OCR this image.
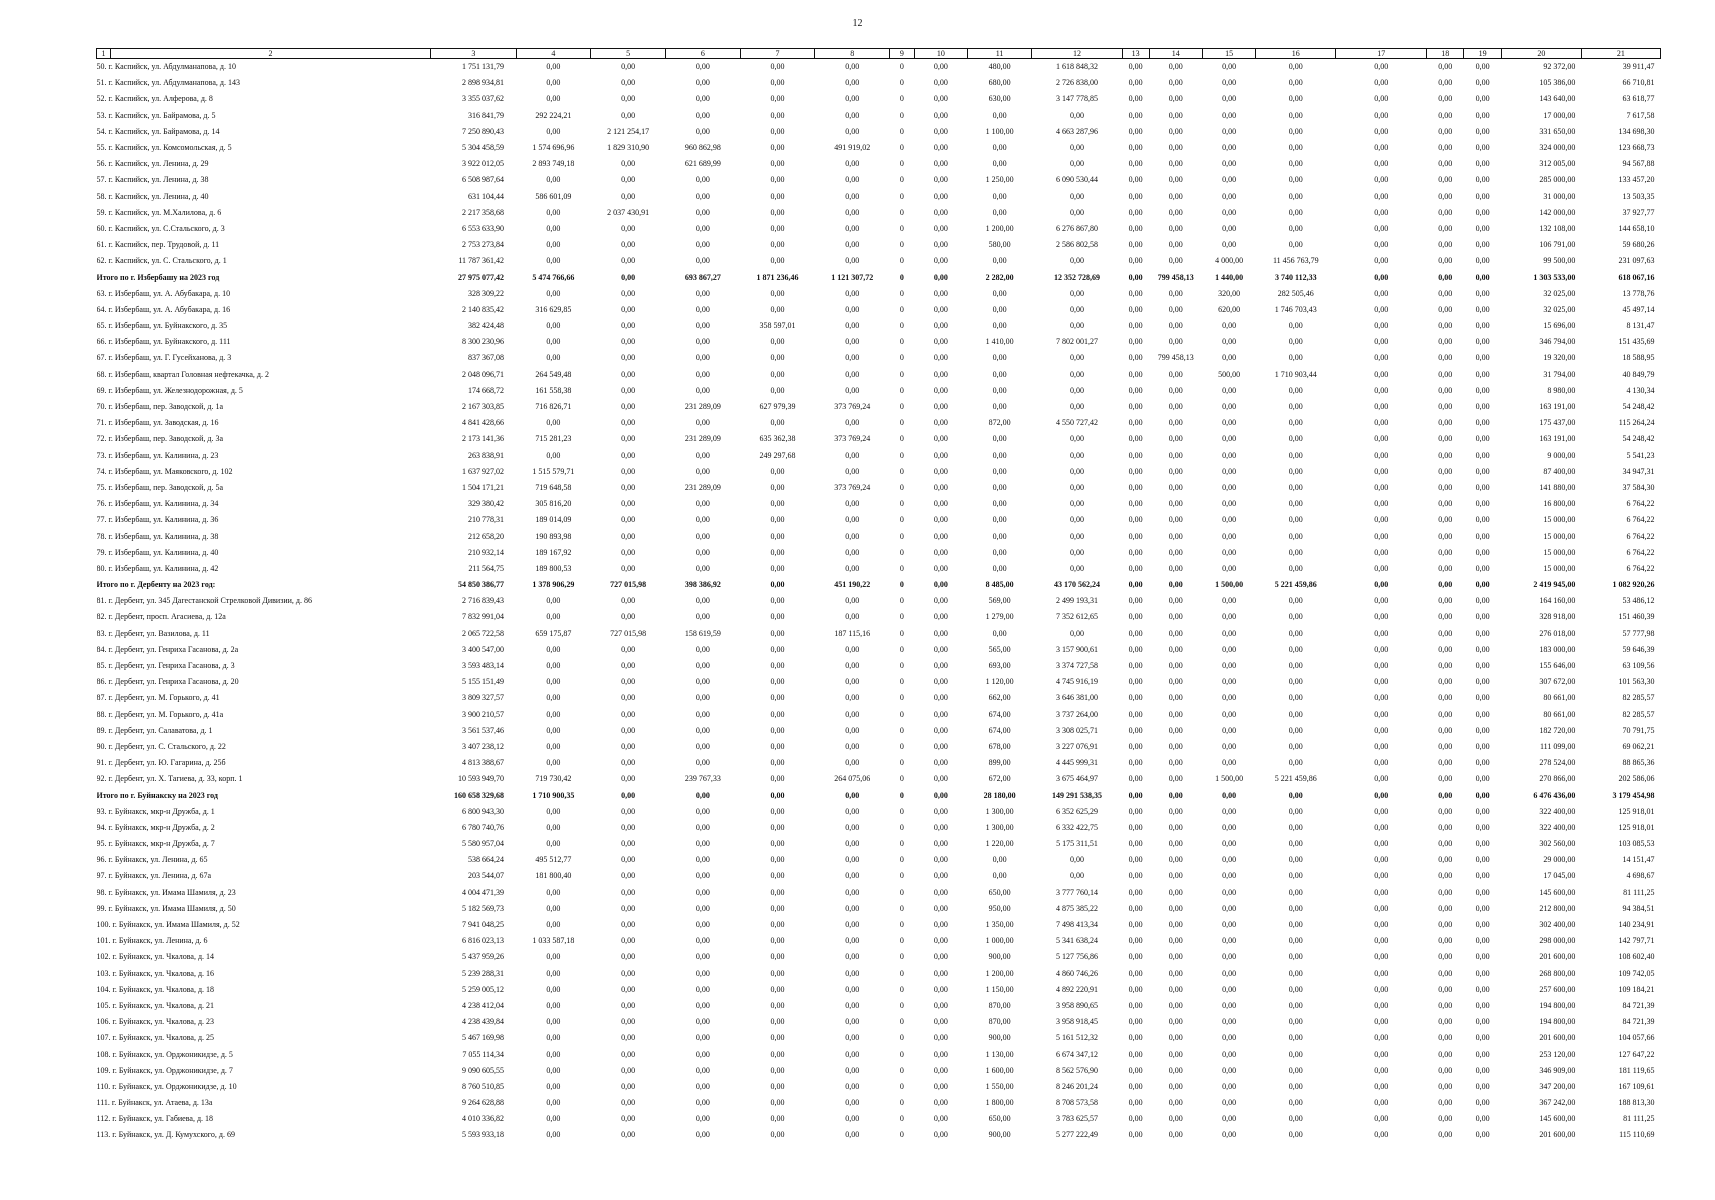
12
1	2	3	4	5	6	7	8	9	10	11	12	13	14	15	16	17	18	19	20	21
50. г. Каспийск, ул. Абдулманапова, д. 10		1 751 131,79	0,00	0,00	0,00	0,00	0,00	0	0,00	480,00	1 618 848,32	0,00	0,00	0,00	0,00	0,00	0,00	0,00	92 372,00	39 911,47
51. г. Каспийск, ул. Абдулманапова, д. 143		2 898 934,81	0,00	0,00	0,00	0,00	0,00	0	0,00	680,00	2 726 838,00	0,00	0,00	0,00	0,00	0,00	0,00	0,00	105 386,00	66 710,81
52. г. Каспийск, ул. Алферова, д. 8		3 355 037,62	0,00	0,00	0,00	0,00	0,00	0	0,00	630,00	3 147 778,85	0,00	0,00	0,00	0,00	0,00	0,00	0,00	143 640,00	63 618,77
53. г. Каспийск, ул. Байрамова, д. 5		316 841,79	292 224,21	0,00	0,00	0,00	0,00	0	0,00	0,00	0,00	0,00	0,00	0,00	0,00	0,00	0,00	0,00	17 000,00	7 617,58
54. г. Каспийск, ул. Байрамова, д. 14		7 250 890,43	0,00	2 121 254,17	0,00	0,00	0,00	0	0,00	1 100,00	4 663 287,96	0,00	0,00	0,00	0,00	0,00	0,00	0,00	331 650,00	134 698,30
55. г. Каспийск, ул. Комсомольская, д. 5		5 304 458,59	1 574 696,96	1 829 310,90	960 862,98	0,00	491 919,02	0	0,00	0,00	0,00	0,00	0,00	0,00	0,00	0,00	0,00	0,00	324 000,00	123 668,73
56. г. Каспийск, ул. Ленина, д. 29		3 922 012,05	2 893 749,18	0,00	621 689,99	0,00	0,00	0	0,00	0,00	0,00	0,00	0,00	0,00	0,00	0,00	0,00	0,00	312 005,00	94 567,88
57. г. Каспийск, ул. Ленина, д. 38		6 508 987,64	0,00	0,00	0,00	0,00	0,00	0	0,00	1 250,00	6 090 530,44	0,00	0,00	0,00	0,00	0,00	0,00	0,00	285 000,00	133 457,20
58. г. Каспийск, ул. Ленина, д. 40		631 104,44	586 601,09	0,00	0,00	0,00	0,00	0	0,00	0,00	0,00	0,00	0,00	0,00	0,00	0,00	0,00	0,00	31 000,00	13 503,35
59. г. Каспийск, ул. М.Халилова, д. 6		2 217 358,68	0,00	2 037 430,91	0,00	0,00	0,00	0	0,00	0,00	0,00	0,00	0,00	0,00	0,00	0,00	0,00	0,00	142 000,00	37 927,77
60. г. Каспийск, ул. С.Стальского, д. 3		6 553 633,90	0,00	0,00	0,00	0,00	0,00	0	0,00	1 200,00	6 276 867,80	0,00	0,00	0,00	0,00	0,00	0,00	0,00	132 108,00	144 658,10
61. г. Каспийск, пер. Трудовой, д. 11		2 753 273,84	0,00	0,00	0,00	0,00	0,00	0	0,00	580,00	2 586 802,58	0,00	0,00	0,00	0,00	0,00	0,00	0,00	106 791,00	59 680,26
62. г. Каспийск, ул. С. Стальского, д. 1		11 787 361,42	0,00	0,00	0,00	0,00	0,00	0	0,00	0,00	0,00	0,00	0,00	4 000,00	11 456 763,79	0,00	0,00	0,00	99 500,00	231 097,63
Итого по г. Избербашу на 2023 год		27 975 077,42	5 474 766,66	0,00	693 867,27	1 871 236,46	1 121 307,72	0	0,00	2 282,00	12 352 728,69	0,00	799 458,13	1 440,00	3 740 112,33	0,00	0,00	0,00	1 303 533,00	618 067,16
63. г. Избербаш, ул. А. Абубакара, д. 10		328 309,22	0,00	0,00	0,00	0,00	0,00	0	0,00	0,00	0,00	0,00	0,00	320,00	282 505,46	0,00	0,00	0,00	32 025,00	13 778,76
64. г. Избербаш, ул. А. Абубакара, д. 16		2 140 835,42	316 629,85	0,00	0,00	0,00	0,00	0	0,00	0,00	0,00	0,00	0,00	620,00	1 746 703,43	0,00	0,00	0,00	32 025,00	45 497,14
65. г. Избербаш, ул. Буйнакского, д. 35		382 424,48	0,00	0,00	0,00	358 597,01	0,00	0	0,00	0,00	0,00	0,00	0,00	0,00	0,00	0,00	0,00	0,00	15 696,00	8 131,47
66. г. Избербаш, ул. Буйнакского, д. 111		8 300 230,96	0,00	0,00	0,00	0,00	0,00	0	0,00	1 410,00	7 802 001,27	0,00	0,00	0,00	0,00	0,00	0,00	0,00	346 794,00	151 435,69
67. г. Избербаш, ул. Г. Гусейханова, д. 3		837 367,08	0,00	0,00	0,00	0,00	0,00	0	0,00	0,00	0,00	0,00	799 458,13	0,00	0,00	0,00	0,00	0,00	19 320,00	18 588,95
68. г. Избербаш, квартал Головная нефтекачка, д. 2		2 048 096,71	264 549,48	0,00	0,00	0,00	0,00	0	0,00	0,00	0,00	0,00	0,00	500,00	1 710 903,44	0,00	0,00	0,00	31 794,00	40 849,79
69. г. Избербаш, ул. Железнодорожная, д. 5		174 668,72	161 558,38	0,00	0,00	0,00	0,00	0	0,00	0,00	0,00	0,00	0,00	0,00	0,00	0,00	0,00	0,00	8 980,00	4 130,34
70. г. Избербаш, пер. Заводской, д. 1а		2 167 303,85	716 826,71	0,00	231 289,09	627 979,39	373 769,24	0	0,00	0,00	0,00	0,00	0,00	0,00	0,00	0,00	0,00	0,00	163 191,00	54 248,42
71. г. Избербаш, ул. Заводская, д. 16		4 841 428,66	0,00	0,00	0,00	0,00	0,00	0	0,00	872,00	4 550 727,42	0,00	0,00	0,00	0,00	0,00	0,00	0,00	175 437,00	115 264,24
72. г. Избербаш, пер. Заводской, д. 3а		2 173 141,36	715 281,23	0,00	231 289,09	635 362,38	373 769,24	0	0,00	0,00	0,00	0,00	0,00	0,00	0,00	0,00	0,00	0,00	163 191,00	54 248,42
73. г. Избербаш, ул. Калинина, д. 23		263 838,91	0,00	0,00	0,00	249 297,68	0,00	0	0,00	0,00	0,00	0,00	0,00	0,00	0,00	0,00	0,00	0,00	9 000,00	5 541,23
74. г. Избербаш, ул. Маяковского, д. 102		1 637 927,02	1 515 579,71	0,00	0,00	0,00	0,00	0	0,00	0,00	0,00	0,00	0,00	0,00	0,00	0,00	0,00	0,00	87 400,00	34 947,31
75. г. Избербаш, пер. Заводской, д. 5а		1 504 171,21	719 648,58	0,00	231 289,09	0,00	373 769,24	0	0,00	0,00	0,00	0,00	0,00	0,00	0,00	0,00	0,00	0,00	141 880,00	37 584,30
76. г. Избербаш, ул. Калинина, д. 34		329 380,42	305 816,20	0,00	0,00	0,00	0,00	0	0,00	0,00	0,00	0,00	0,00	0,00	0,00	0,00	0,00	0,00	16 800,00	6 764,22
77. г. Избербаш, ул. Калинина, д. 36		210 778,31	189 014,09	0,00	0,00	0,00	0,00	0	0,00	0,00	0,00	0,00	0,00	0,00	0,00	0,00	0,00	0,00	15 000,00	6 764,22
78. г. Избербаш, ул. Калинина, д. 38		212 658,20	190 893,98	0,00	0,00	0,00	0,00	0	0,00	0,00	0,00	0,00	0,00	0,00	0,00	0,00	0,00	0,00	15 000,00	6 764,22
79. г. Избербаш, ул. Калинина, д. 40		210 932,14	189 167,92	0,00	0,00	0,00	0,00	0	0,00	0,00	0,00	0,00	0,00	0,00	0,00	0,00	0,00	0,00	15 000,00	6 764,22
80. г. Избербаш, ул. Калинина, д. 42		211 564,75	189 800,53	0,00	0,00	0,00	0,00	0	0,00	0,00	0,00	0,00	0,00	0,00	0,00	0,00	0,00	0,00	15 000,00	6 764,22
Итого по г. Дербенту на 2023 год:		54 850 386,77	1 378 906,29	727 015,98	398 386,92	0,00	451 190,22	0	0,00	8 485,00	43 170 562,24	0,00	0,00	1 500,00	5 221 459,86	0,00	0,00	0,00	2 419 945,00	1 082 920,26
81. г. Дербент, ул. 345 Дагестанской Стрелковой Дивизии, д. 86		2 716 839,43	0,00	0,00	0,00	0,00	0,00	0	0,00	569,00	2 499 193,31	0,00	0,00	0,00	0,00	0,00	0,00	0,00	164 160,00	53 486,12
82. г. Дербент, просп. Агасиева, д. 12а		7 832 991,04	0,00	0,00	0,00	0,00	0,00	0	0,00	1 279,00	7 352 612,65	0,00	0,00	0,00	0,00	0,00	0,00	0,00	328 918,00	151 460,39
83. г. Дербент, ул. Вазилова, д. 11		2 065 722,58	659 175,87	727 015,98	158 619,59	0,00	187 115,16	0	0,00	0,00	0,00	0,00	0,00	0,00	0,00	0,00	0,00	0,00	276 018,00	57 777,98
84. г. Дербент, ул. Генриха Гасанова, д. 2а		3 400 547,00	0,00	0,00	0,00	0,00	0,00	0	0,00	565,00	3 157 900,61	0,00	0,00	0,00	0,00	0,00	0,00	0,00	183 000,00	59 646,39
85. г. Дербент, ул. Генриха Гасанова, д. 3		3 593 483,14	0,00	0,00	0,00	0,00	0,00	0	0,00	693,00	3 374 727,58	0,00	0,00	0,00	0,00	0,00	0,00	0,00	155 646,00	63 109,56
86. г. Дербент, ул. Генриха Гасанова, д. 20		5 155 151,49	0,00	0,00	0,00	0,00	0,00	0	0,00	1 120,00	4 745 916,19	0,00	0,00	0,00	0,00	0,00	0,00	0,00	307 672,00	101 563,30
87. г. Дербент, ул. М. Горького, д. 41		3 809 327,57	0,00	0,00	0,00	0,00	0,00	0	0,00	662,00	3 646 381,00	0,00	0,00	0,00	0,00	0,00	0,00	0,00	80 661,00	82 285,57
88. г. Дербент, ул. М. Горького, д. 41а		3 900 210,57	0,00	0,00	0,00	0,00	0,00	0	0,00	674,00	3 737 264,00	0,00	0,00	0,00	0,00	0,00	0,00	0,00	80 661,00	82 285,57
89. г. Дербент, ул. Салаватова, д. 1		3 561 537,46	0,00	0,00	0,00	0,00	0,00	0	0,00	674,00	3 308 025,71	0,00	0,00	0,00	0,00	0,00	0,00	0,00	182 720,00	70 791,75
90. г. Дербент, ул. С. Стальского, д. 22		3 407 238,12	0,00	0,00	0,00	0,00	0,00	0	0,00	678,00	3 227 076,91	0,00	0,00	0,00	0,00	0,00	0,00	0,00	111 099,00	69 062,21
91. г. Дербент, ул. Ю. Гагарина, д. 25б		4 813 388,67	0,00	0,00	0,00	0,00	0,00	0	0,00	899,00	4 445 999,31	0,00	0,00	0,00	0,00	0,00	0,00	0,00	278 524,00	88 865,36
92. г. Дербент, ул. Х. Тагиева, д. 33, корп. 1		10 593 949,70	719 730,42	0,00	239 767,33	0,00	264 075,06	0	0,00	672,00	3 675 464,97	0,00	0,00	1 500,00	5 221 459,86	0,00	0,00	0,00	270 866,00	202 586,06
Итого по г. Буйнакску на 2023 год		160 658 329,68	1 710 900,35	0,00	0,00	0,00	0,00	0	0,00	28 180,00	149 291 538,35	0,00	0,00	0,00	0,00	0,00	0,00	0,00	6 476 436,00	3 179 454,98
93. г. Буйнакск, мкр-н Дружба, д. 1		6 800 943,30	0,00	0,00	0,00	0,00	0,00	0	0,00	1 300,00	6 352 625,29	0,00	0,00	0,00	0,00	0,00	0,00	0,00	322 400,00	125 918,01
94. г. Буйнакск, мкр-н Дружба, д. 2		6 780 740,76	0,00	0,00	0,00	0,00	0,00	0	0,00	1 300,00	6 332 422,75	0,00	0,00	0,00	0,00	0,00	0,00	0,00	322 400,00	125 918,01
95. г. Буйнакск, мкр-н Дружба, д. 7		5 580 957,04	0,00	0,00	0,00	0,00	0,00	0	0,00	1 220,00	5 175 311,51	0,00	0,00	0,00	0,00	0,00	0,00	0,00	302 560,00	103 085,53
96. г. Буйнакск, ул. Ленина, д. 65		538 664,24	495 512,77	0,00	0,00	0,00	0,00	0	0,00	0,00	0,00	0,00	0,00	0,00	0,00	0,00	0,00	0,00	29 000,00	14 151,47
97. г. Буйнакск, ул. Ленина, д. 67а		203 544,07	181 800,40	0,00	0,00	0,00	0,00	0	0,00	0,00	0,00	0,00	0,00	0,00	0,00	0,00	0,00	0,00	17 045,00	4 698,67
98. г. Буйнакск, ул. Имама Шамиля, д. 23		4 004 471,39	0,00	0,00	0,00	0,00	0,00	0	0,00	650,00	3 777 760,14	0,00	0,00	0,00	0,00	0,00	0,00	0,00	145 600,00	81 111,25
99. г. Буйнакск, ул. Имама Шамиля, д. 50		5 182 569,73	0,00	0,00	0,00	0,00	0,00	0	0,00	950,00	4 875 385,22	0,00	0,00	0,00	0,00	0,00	0,00	0,00	212 800,00	94 384,51
100. г. Буйнакск, ул. Имама Шамиля, д. 52		7 941 048,25	0,00	0,00	0,00	0,00	0,00	0	0,00	1 350,00	7 498 413,34	0,00	0,00	0,00	0,00	0,00	0,00	0,00	302 400,00	140 234,91
101. г. Буйнакск, ул. Ленина, д. 6		6 816 023,13	1 033 587,18	0,00	0,00	0,00	0,00	0	0,00	1 000,00	5 341 638,24	0,00	0,00	0,00	0,00	0,00	0,00	0,00	298 000,00	142 797,71
102. г. Буйнакск, ул. Чкалова, д. 14		5 437 959,26	0,00	0,00	0,00	0,00	0,00	0	0,00	900,00	5 127 756,86	0,00	0,00	0,00	0,00	0,00	0,00	0,00	201 600,00	108 602,40
103. г. Буйнакск, ул. Чкалова, д. 16		5 239 288,31	0,00	0,00	0,00	0,00	0,00	0	0,00	1 200,00	4 860 746,26	0,00	0,00	0,00	0,00	0,00	0,00	0,00	268 800,00	109 742,05
104. г. Буйнакск, ул. Чкалова, д. 18		5 259 005,12	0,00	0,00	0,00	0,00	0,00	0	0,00	1 150,00	4 892 220,91	0,00	0,00	0,00	0,00	0,00	0,00	0,00	257 600,00	109 184,21
105. г. Буйнакск, ул. Чкалова, д. 21		4 238 412,04	0,00	0,00	0,00	0,00	0,00	0	0,00	870,00	3 958 890,65	0,00	0,00	0,00	0,00	0,00	0,00	0,00	194 800,00	84 721,39
106. г. Буйнакск, ул. Чкалова, д. 23		4 238 439,84	0,00	0,00	0,00	0,00	0,00	0	0,00	870,00	3 958 918,45	0,00	0,00	0,00	0,00	0,00	0,00	0,00	194 800,00	84 721,39
107. г. Буйнакск, ул. Чкалова, д. 25		5 467 169,98	0,00	0,00	0,00	0,00	0,00	0	0,00	900,00	5 161 512,32	0,00	0,00	0,00	0,00	0,00	0,00	0,00	201 600,00	104 057,66
108. г. Буйнакск, ул. Орджоникидзе, д. 5		7 055 114,34	0,00	0,00	0,00	0,00	0,00	0	0,00	1 130,00	6 674 347,12	0,00	0,00	0,00	0,00	0,00	0,00	0,00	253 120,00	127 647,22
109. г. Буйнакск, ул. Орджоникидзе, д. 7		9 090 605,55	0,00	0,00	0,00	0,00	0,00	0	0,00	1 600,00	8 562 576,90	0,00	0,00	0,00	0,00	0,00	0,00	0,00	346 909,00	181 119,65
110. г. Буйнакск, ул. Орджоникидзе, д. 10		8 760 510,85	0,00	0,00	0,00	0,00	0,00	0	0,00	1 550,00	8 246 201,24	0,00	0,00	0,00	0,00	0,00	0,00	0,00	347 200,00	167 109,61
111. г. Буйнакск, ул. Атаева, д. 13а		9 264 628,88	0,00	0,00	0,00	0,00	0,00	0	0,00	1 800,00	8 708 573,58	0,00	0,00	0,00	0,00	0,00	0,00	0,00	367 242,00	188 813,30
112. г. Буйнакск, ул. Габиева, д. 18		4 010 336,82	0,00	0,00	0,00	0,00	0,00	0	0,00	650,00	3 783 625,57	0,00	0,00	0,00	0,00	0,00	0,00	0,00	145 600,00	81 111,25
113. г. Буйнакск, ул. Д. Кумухского, д. 69		5 593 933,18	0,00	0,00	0,00	0,00	0,00	0	0,00	900,00	5 277 222,49	0,00	0,00	0,00	0,00	0,00	0,00	0,00	201 600,00	115 110,69
